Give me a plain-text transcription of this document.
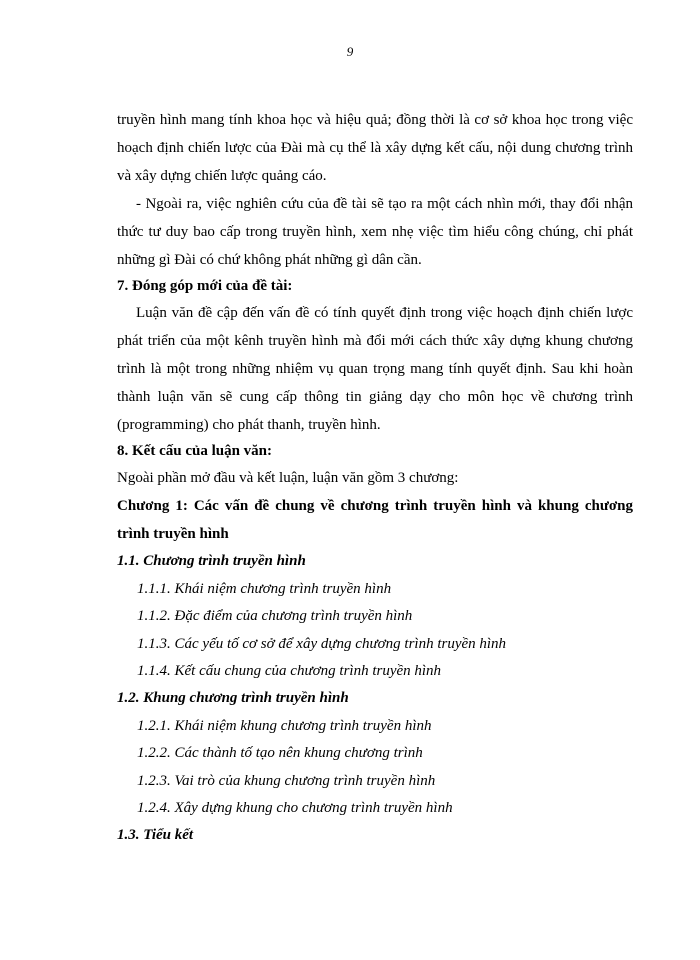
9
truyền hình mang tính khoa học và hiệu quả; đồng thời là cơ sở khoa học trong việc
hoạch định chiến lược của Đài mà cụ thể là xây dựng kết cấu, nội dung chương trình
và xây dựng chiến lược quảng cáo.
- Ngoài ra, việc nghiên cứu của đề tài sẽ tạo ra một cách nhìn mới, thay đổi nhận
thức tư duy bao cấp trong truyền hình, xem nhẹ việc tìm hiểu công chúng, chỉ phát
những gì Đài có chứ không phát những gì dân cần.
7. Đóng góp mới của đề tài:
Luận văn đề cập đến vấn đề có tính quyết định trong việc hoạch định chiến lược
phát triển của một kênh truyền hình mà đổi mới cách thức xây dựng khung chương
trình là một trong những nhiệm vụ quan trọng mang tính quyết định. Sau khi hoàn
thành luận văn sẽ cung cấp thông tin giảng dạy cho môn học về chương trình
(programming) cho phát thanh, truyền hình.
8. Kết cấu của luận văn:
Ngoài phần mở đầu và kết luận, luận văn gồm 3 chương:
Chương 1: Các vấn đề chung về chương trình truyền hình và khung chương
trình truyền hình
1.1. Chương trình truyền hình
1.1.1. Khái niệm chương trình truyền hình
1.1.2. Đặc điểm của chương trình truyền hình
1.1.3. Các yếu tố cơ sở để xây dựng chương trình truyền hình
1.1.4. Kết cấu chung của chương trình truyền hình
1.2. Khung chương trình truyền hình
1.2.1. Khái niệm khung chương trình truyền hình
1.2.2. Các thành tố tạo nên khung chương trình
1.2.3. Vai trò của khung chương trình truyền hình
1.2.4. Xây dựng khung cho chương trình truyền hình
1.3. Tiểu kết
